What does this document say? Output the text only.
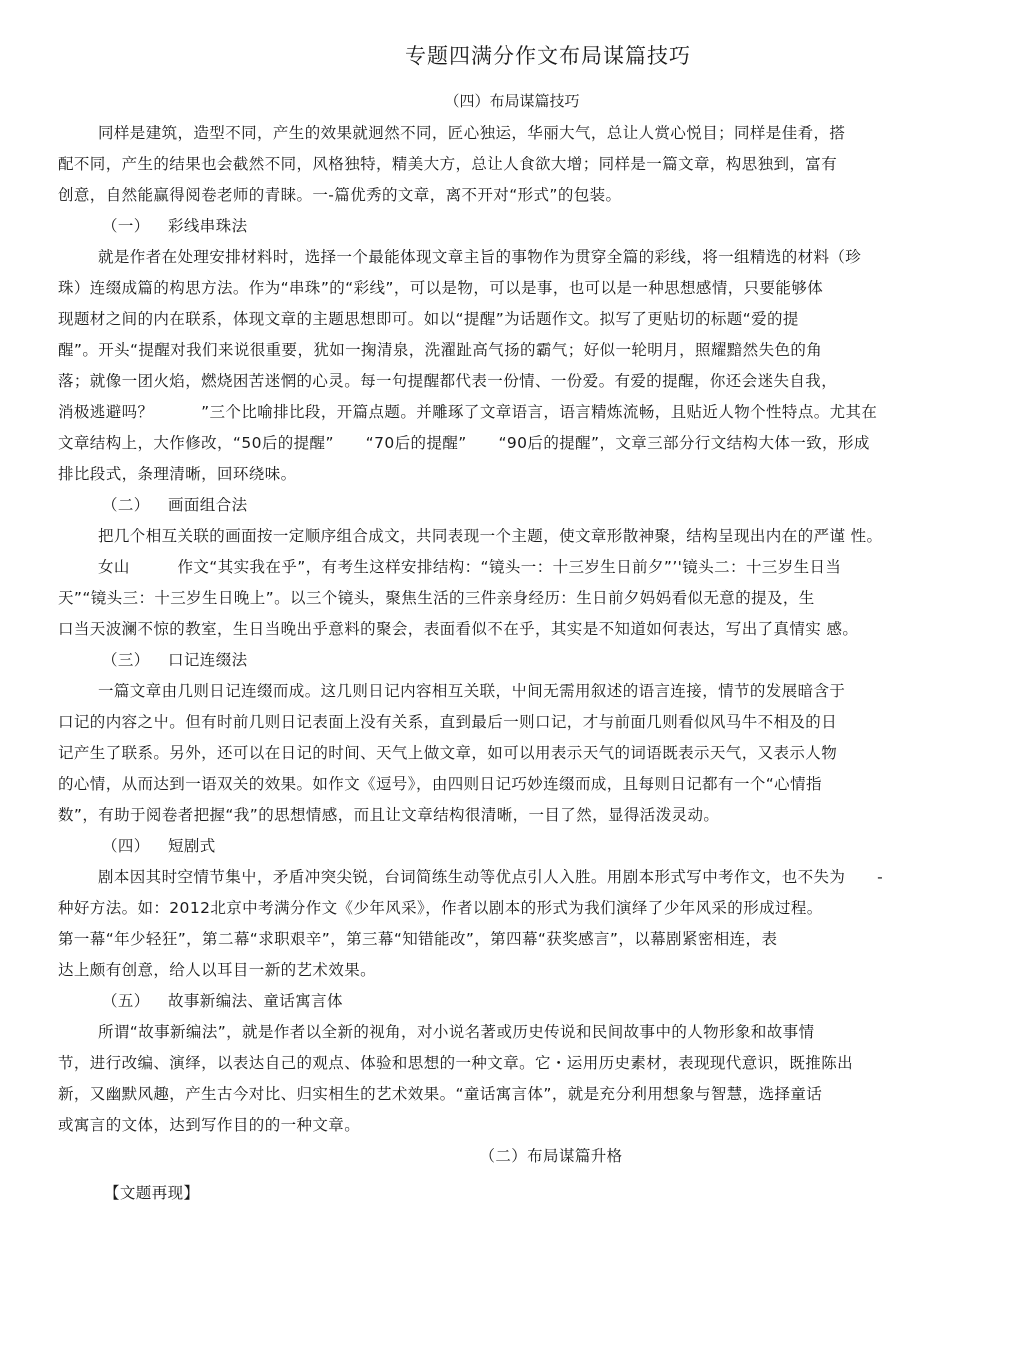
专题四满分作文布局谋篇技巧
（四）布局谋篇技巧
同样是建筑，造型不同，产生的效果就迥然不同，匠心独运，华丽大气，总让人赏心悦目；同样是佳肴，搭
配不同，产生的结果也会截然不同，风格独特，精美大方，总让人食欲大增；同样是一篇文章，构思独到，富有
创意，自然能赢得阅卷老师的青睐。一-篇优秀的文章，离不开对“形式”的包装。
（一） 彩线串珠法
就是作者在处理安排材料时，选择一个最能体现文章主旨的事物作为贯穿全篇的彩线，将一组精选的材料（珍
珠）连缀成篇的构思方法。作为“串珠”的“彩线”，可以是物，可以是事，也可以是一种思想感情，只要能够体
现题材之间的内在联系，体现文章的主题思想即可。如以“提醒”为话题作文。拟写了更贴切的标题“爱的提
醒”。开头“提醒对我们来说很重要，犹如一掬清泉，洗濯趾高气扬的霸气；好似一轮明月，照耀黯然失色的角
落；就像一团火焰，燃烧困苦迷惘的心灵。每一句提醒都代表一份情、一份爱。有爱的提醒，你还会迷失自我，
消极逃避吗？　　　”三个比喻排比段，开篇点题。并雕琢了文章语言，语言精炼流畅，且贴近人物个性特点。尤其在
文章结构上，大作修改，“50后的提醒”　　“70后的提醒”　　“90后的提醒”，文章三部分行文结构大体一致，形成
排比段式，条理清晰，回环绕味。
（二） 画面组合法
把几个相互关联的画面按一定顺序组合成文，共同表现一个主题，使文章形散神聚，结构呈现出内在的严谨 性。
女山　　　作文“其实我在乎”，有考生这样安排结构：“镜头一：十三岁生日前夕”’'镜头二：十三岁生日当
天”“镜头三：十三岁生日晚上”。以三个镜头，聚焦生活的三件亲身经历：生日前夕妈妈看似无意的提及，生
口当天波澜不惊的教室，生日当晚出乎意料的聚会，表面看似不在乎，其实是不知道如何表达，写出了真情实 感。
（三） 口记连缀法
一篇文章由几则日记连缀而成。这几则日记内容相互关联，屮间无需用叙述的语言连接，情节的发展暗含于
口记的内容之屮。但有时前几则日记表面上没有关系，直到最后一则口记，才与前面几则看似风马牛不相及的日
记产生了联系。另外，还可以在日记的时间、天气上做文章，如可以用表示天气的词语既表示天气，又表示人物
的心情，从而达到一语双关的效果。如作文《逗号》，由四则日记巧妙连缀而成，且每则日记都有一个“心情指
数”，有助于阅卷者把握“我”的思想情感，而且让文章结构很清晰，一目了然，显得活泼灵动。
（四） 短剧式
剧本因其时空情节集屮，矛盾冲突尖锐，台词简练生动等优点引人入胜。用剧本形式写中考作文，也不失为　　-
种好方法。如：2012北京中考满分作文《少年风采》，作者以剧本的形式为我们演绎了少年风采的形成过程。
第一幕“年少轻狂”，第二幕“求职艰辛”，第三幕“知错能改”，第四幕“获奖感言”，以幕剧紧密相连，表
达上颇有创意，给人以耳目一新的艺术效果。
（五） 故事新编法、童话寓言体
所谓“故事新编法”，就是作者以全新的视角，对小说名著或历史传说和民间故事中的人物形象和故事情
节，进行改编、演绎，以表达自己的观点、体验和思想的一种文章。它・运用历史素材，表现现代意识，既推陈出
新，又幽默风趣，产生古今对比、归实相生的艺术效果。“童话寓言体”，就是充分利用想象与智慧，选择童话
或寓言的文体，达到写作目的的一种文章。
（二）布局谋篇升格
【文题再现】
